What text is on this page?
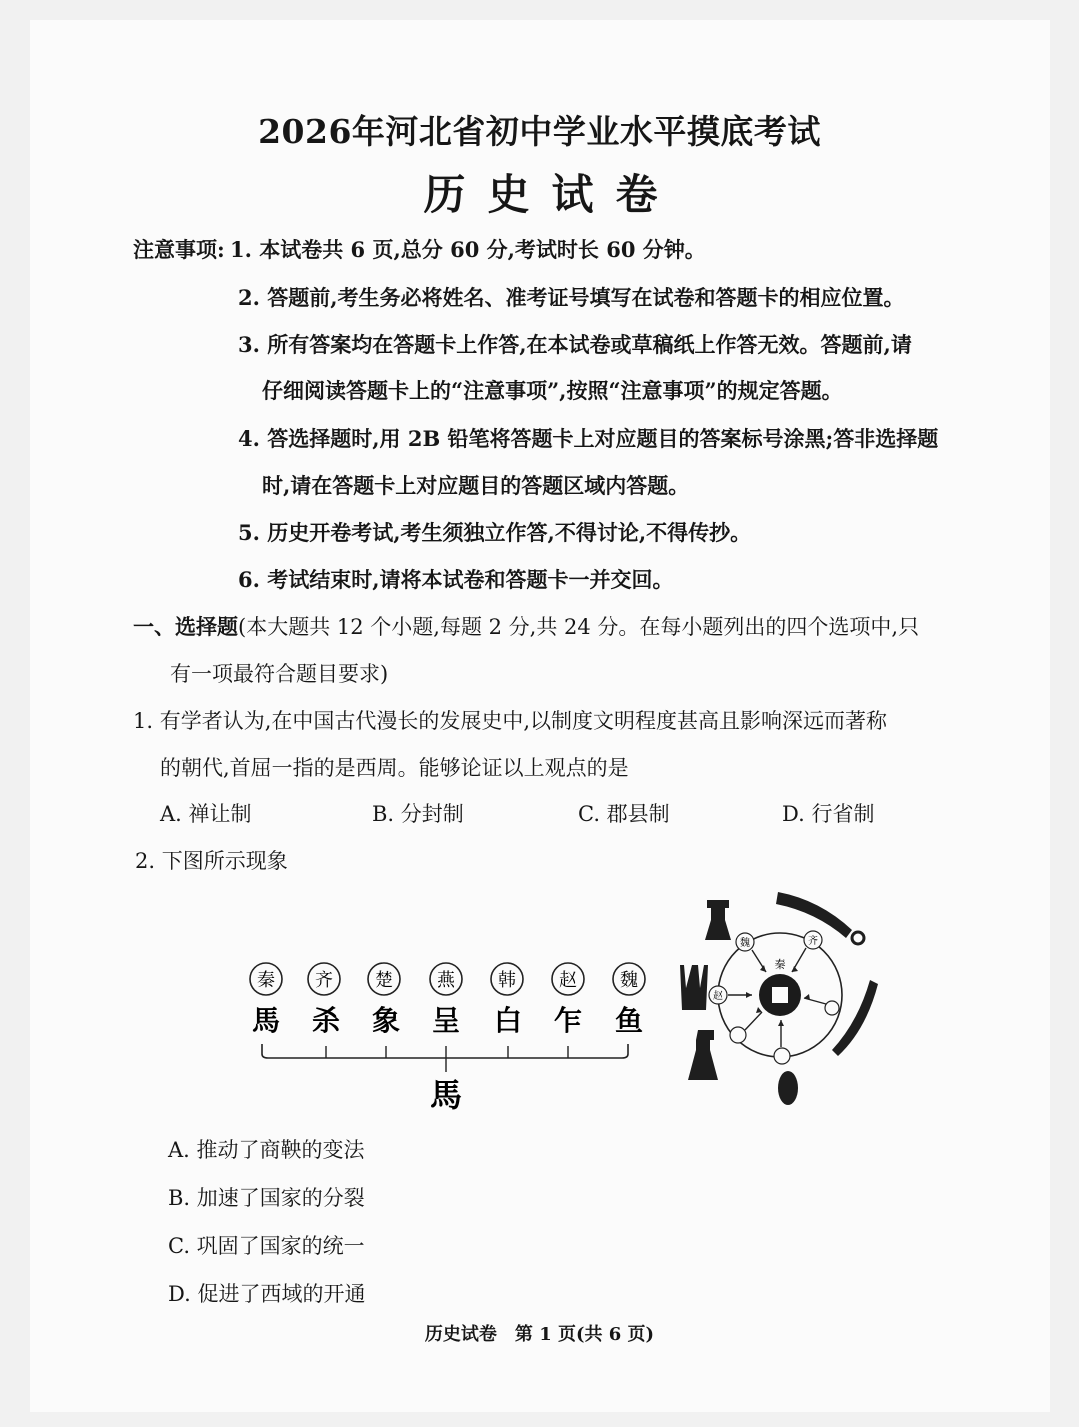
2026年河北省初中学业水平摸底考试
历史试卷
注意事项: 1. 本试卷共 6 页,总分 60 分,考试时长 60 分钟。
2. 答题前,考生务必将姓名、准考证号填写在试卷和答题卡的相应位置。
3. 所有答案均在答题卡上作答,在本试卷或草稿纸上作答无效。答题前,请
仔细阅读答题卡上的“注意事项”,按照“注意事项”的规定答题。
4. 答选择题时,用 2B 铅笔将答题卡上对应题目的答案标号涂黑;答非选择题
时,请在答题卡上对应题目的答题区域内答题。
5. 历史开卷考试,考生须独立作答,不得讨论,不得传抄。
6. 考试结束时,请将本试卷和答题卡一并交回。
一、选择题(本大题共 12 个小题,每题 2 分,共 24 分。在每小题列出的四个选项中,只
有一项最符合题目要求)
1. 有学者认为,在中国古代漫长的发展史中,以制度文明程度甚高且影响深远而著称
的朝代,首屈一指的是西周。能够论证以上观点的是
A. 禅让制	B. 分封制	C. 郡县制	D. 行省制
2. 下图所示现象
秦 齐 楚 燕 韩 赵 魏
馬 杀 象 呈 白 乍 鱼
馬
秦
魏	齐
赵
A. 推动了商鞅的变法
B. 加速了国家的分裂
C. 巩固了国家的统一
D. 促进了西域的开通
历史试卷　第 1 页(共 6 页)
